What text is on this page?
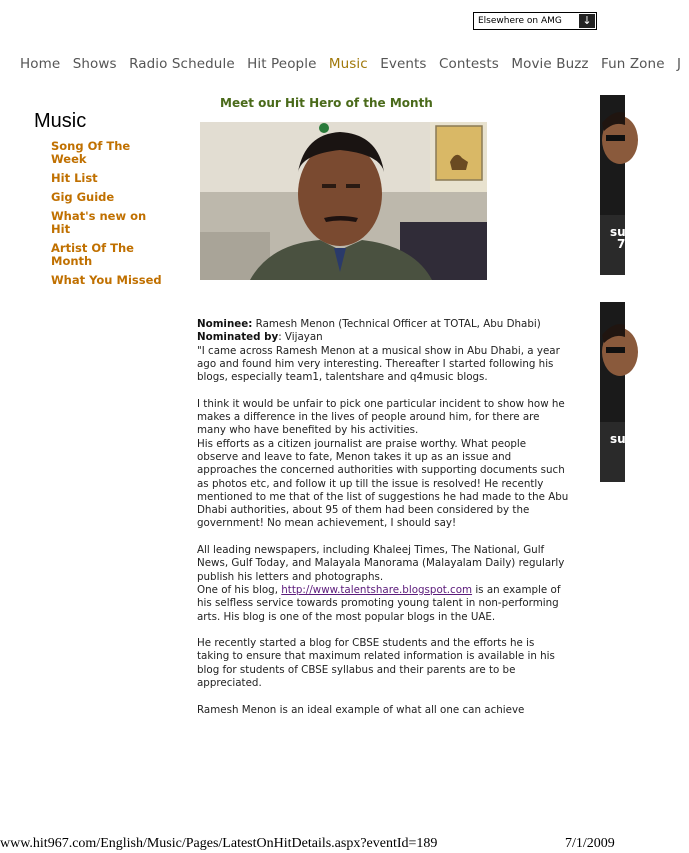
Elsewhere on AMG	↓
Home Shows Radio Schedule Hit People Music Events Contests Movie Buzz Fun Zone J
Music
Song Of The Week
Hit List
Gig Guide
What's new on Hit
Artist Of The Month
What You Missed
Meet our Hit Hero of the Month
Nominee: Ramesh Menon (Technical Officer at TOTAL, Abu Dhabi)
Nominated by: Vijayan

"I came across Ramesh Menon at a musical show in Abu Dhabi, a year ago and found him very interesting. Thereafter I started following his blogs, especially team1, talentshare and q4music blogs.

I think it would be unfair to pick one particular incident to show how he makes a difference in the lives of people around him, for there are many who have benefited by his activities.

His efforts as a citizen journalist are praise worthy. What people observe and leave to fate, Menon takes it up as an issue and approaches the concerned authorities with supporting documents such as photos etc, and follow it up till the issue is resolved! He recently mentioned to me that of the list of suggestions he had made to the Abu Dhabi authorities, about 95 of them had been considered by the government! No mean achievement, I should say!

All leading newspapers, including Khaleej Times, The National, Gulf News, Gulf Today, and Malayala Manorama (Malayalam Daily) regularly publish his letters and photographs.

One of his blog, http://www.talentshare.blogspot.com is an example of his selfless service towards promoting young talent in non-performing arts. His blog is one of the most popular blogs in the UAE.

He recently started a blog for CBSE students and the efforts he is taking to ensure that maximum related information is available in his blog for students of CBSE syllabus and their parents are to be appreciated.

Ramesh Menon is an ideal example of what all one can achieve
su
7
su
www.hit967.com/English/Music/Pages/LatestOnHitDetails.aspx?eventId=189	7/1/2009
